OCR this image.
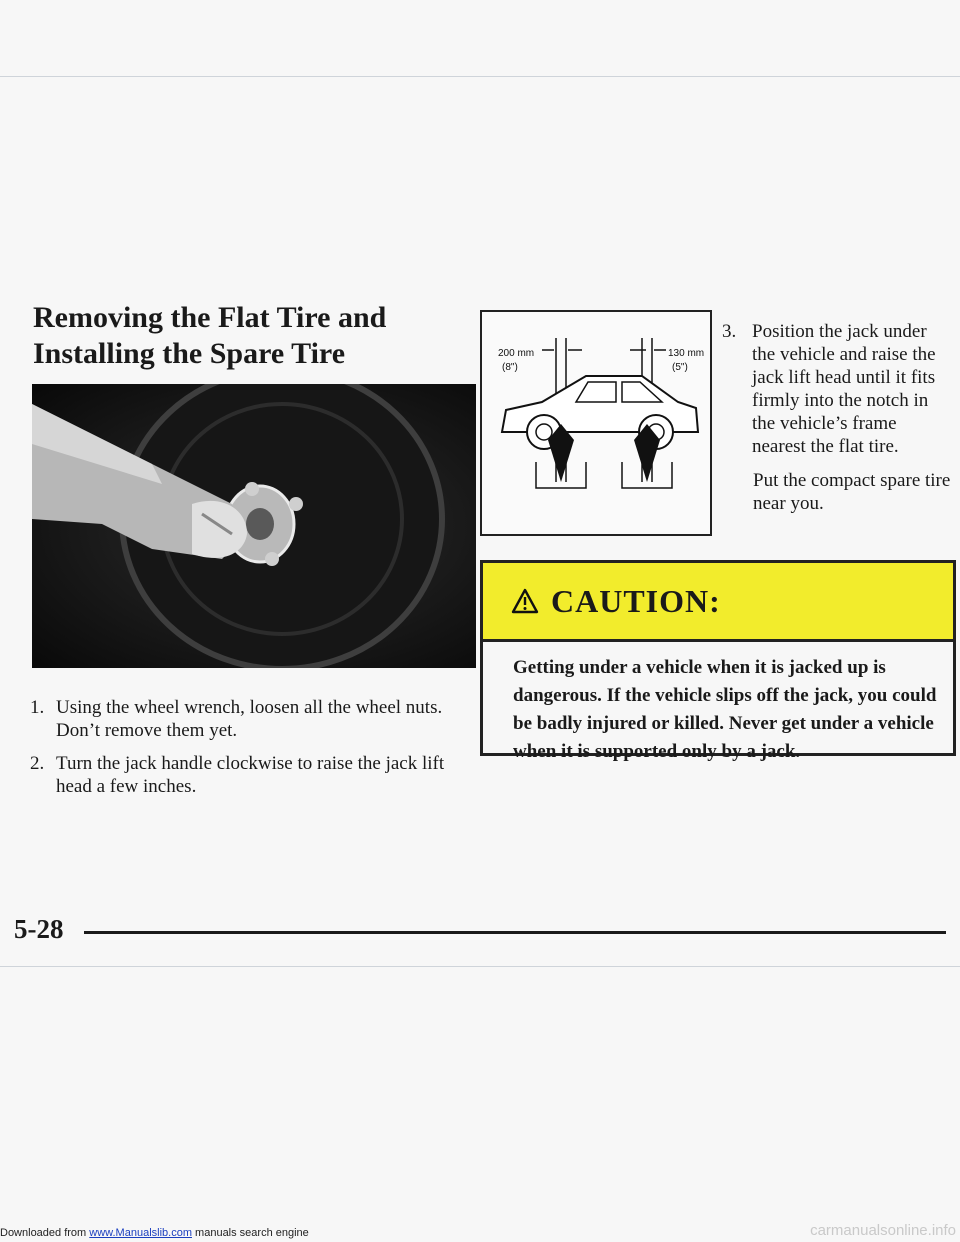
Removing the Flat Tire and Installing the Spare Tire
1. Using the wheel wrench, loosen all the wheel nuts. Don’t remove them yet.
2. Turn the jack handle clockwise to raise the jack lift head a few inches.
200 mm
(8")
130 mm
(5")
3. Position the jack under the vehicle and raise the jack lift head until it fits firmly into the notch in the vehicle’s frame nearest the flat tire.
Put the compact spare tire near you.
CAUTION:
Getting under a vehicle when it is jacked up is dangerous. If the vehicle slips off the jack, you could be badly injured or killed. Never get under a vehicle when it is supported only by a jack.
5-28
Downloaded from www.Manualslib.com manuals search engine	carmanualsonline.info
